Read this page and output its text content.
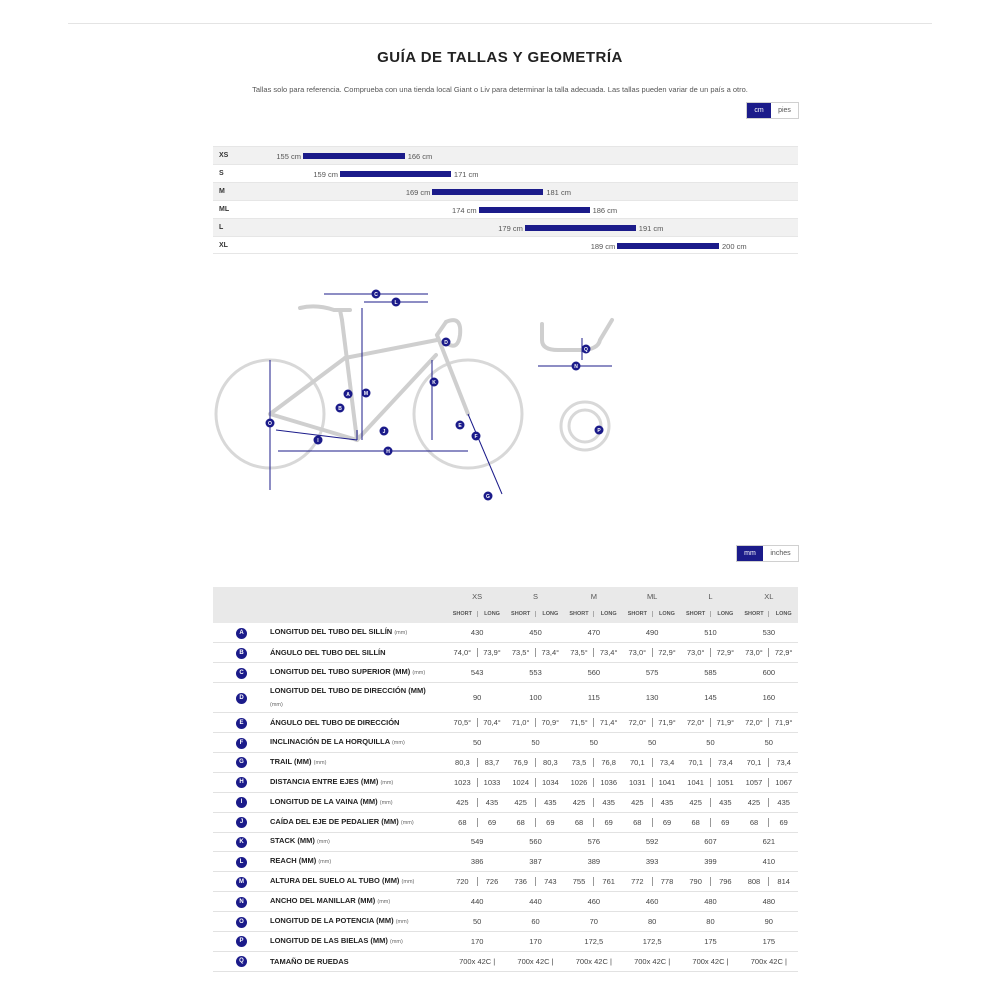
GUÍA DE TALLAS Y GEOMETRÍA

Tallas solo para referencia. Comprueba con una tienda local Giant o Liv para determinar la talla adecuada. Las tallas pueden variar de un país a otro.

cm	pies
XS	155 cm	166 cm
S	159 cm	171 cm
M	169 cm	181 cm
ML	174 cm	186 cm
L	179 cm	191 cm
XL	189 cm	200 cm
A
B
C
D
E
F
G
H
I
J
K
L
M
N
O
P
Q
mm	inches
		XS	S	M	ML	L	XL

		SHORT LONG	SHORT LONG	SHORT LONG	SHORT LONG	SHORT LONG	SHORT LONG

A	LONGITUD DEL TUBO DEL SILLÍN (mm)	430	450	470	490	510	530
B	ÁNGULO DEL TUBO DEL SILLÍN	74,0° 73,9°	73,5° 73,4°	73,5° 73,4°	73,0° 72,9°	73,0° 72,9°	73,0° 72,9°

C	LONGITUD DEL TUBO SUPERIOR (MM) (mm)	543	553	560	575	585	600
D	LONGITUD DEL TUBO DE DIRECCIÓN (MM)
(mm)	90	100	115	130	145	160
E	ÁNGULO DEL TUBO DE DIRECCIÓN	70,5° 70,4°	71,0° 70,9°	71,5° 71,4°	72,0° 71,9°	72,0° 71,9°	72,0° 71,9°

F	INCLINACIÓN DE LA HORQUILLA (mm)	50	50	50	50	50	50
G	TRAIL (MM) (mm)	80,3 83,7	76,9 80,3	73,5 76,8	70,1 73,4	70,1 73,4	70,1 73,4

H	DISTANCIA ENTRE EJES (MM) (mm)	1023 1033	1024 1034	1026 1036	1031 1041	1041 1051	1057 1067

I	LONGITUD DE LA VAINA (MM) (mm)	425 435	425 435	425 435	425 435	425 435	425 435

J	CAÍDA DEL EJE DE PEDALIER (MM) (mm)	68 69	68 69	68 69	68 69	68 69	68 69

K	STACK (MM) (mm)	549	560	576	592	607	621
L	REACH (MM) (mm)	386	387	389	393	399	410
M	ALTURA DEL SUELO AL TUBO (MM) (mm)	720 726	736 743	755 761	772 778	790 796	808 814

N	ANCHO DEL MANILLAR (MM) (mm)	440	440	460	460	480	480
O	LONGITUD DE LA POTENCIA (MM) (mm)	50	60	70	80	80	90
P	LONGITUD DE LAS BIELAS (MM) (mm)	170	170	172,5	172,5	175	175
Q	TAMAÑO DE RUEDAS	700x 42C |	700x 42C |	700x 42C |	700x 42C |	700x 42C |	700x 42C |
